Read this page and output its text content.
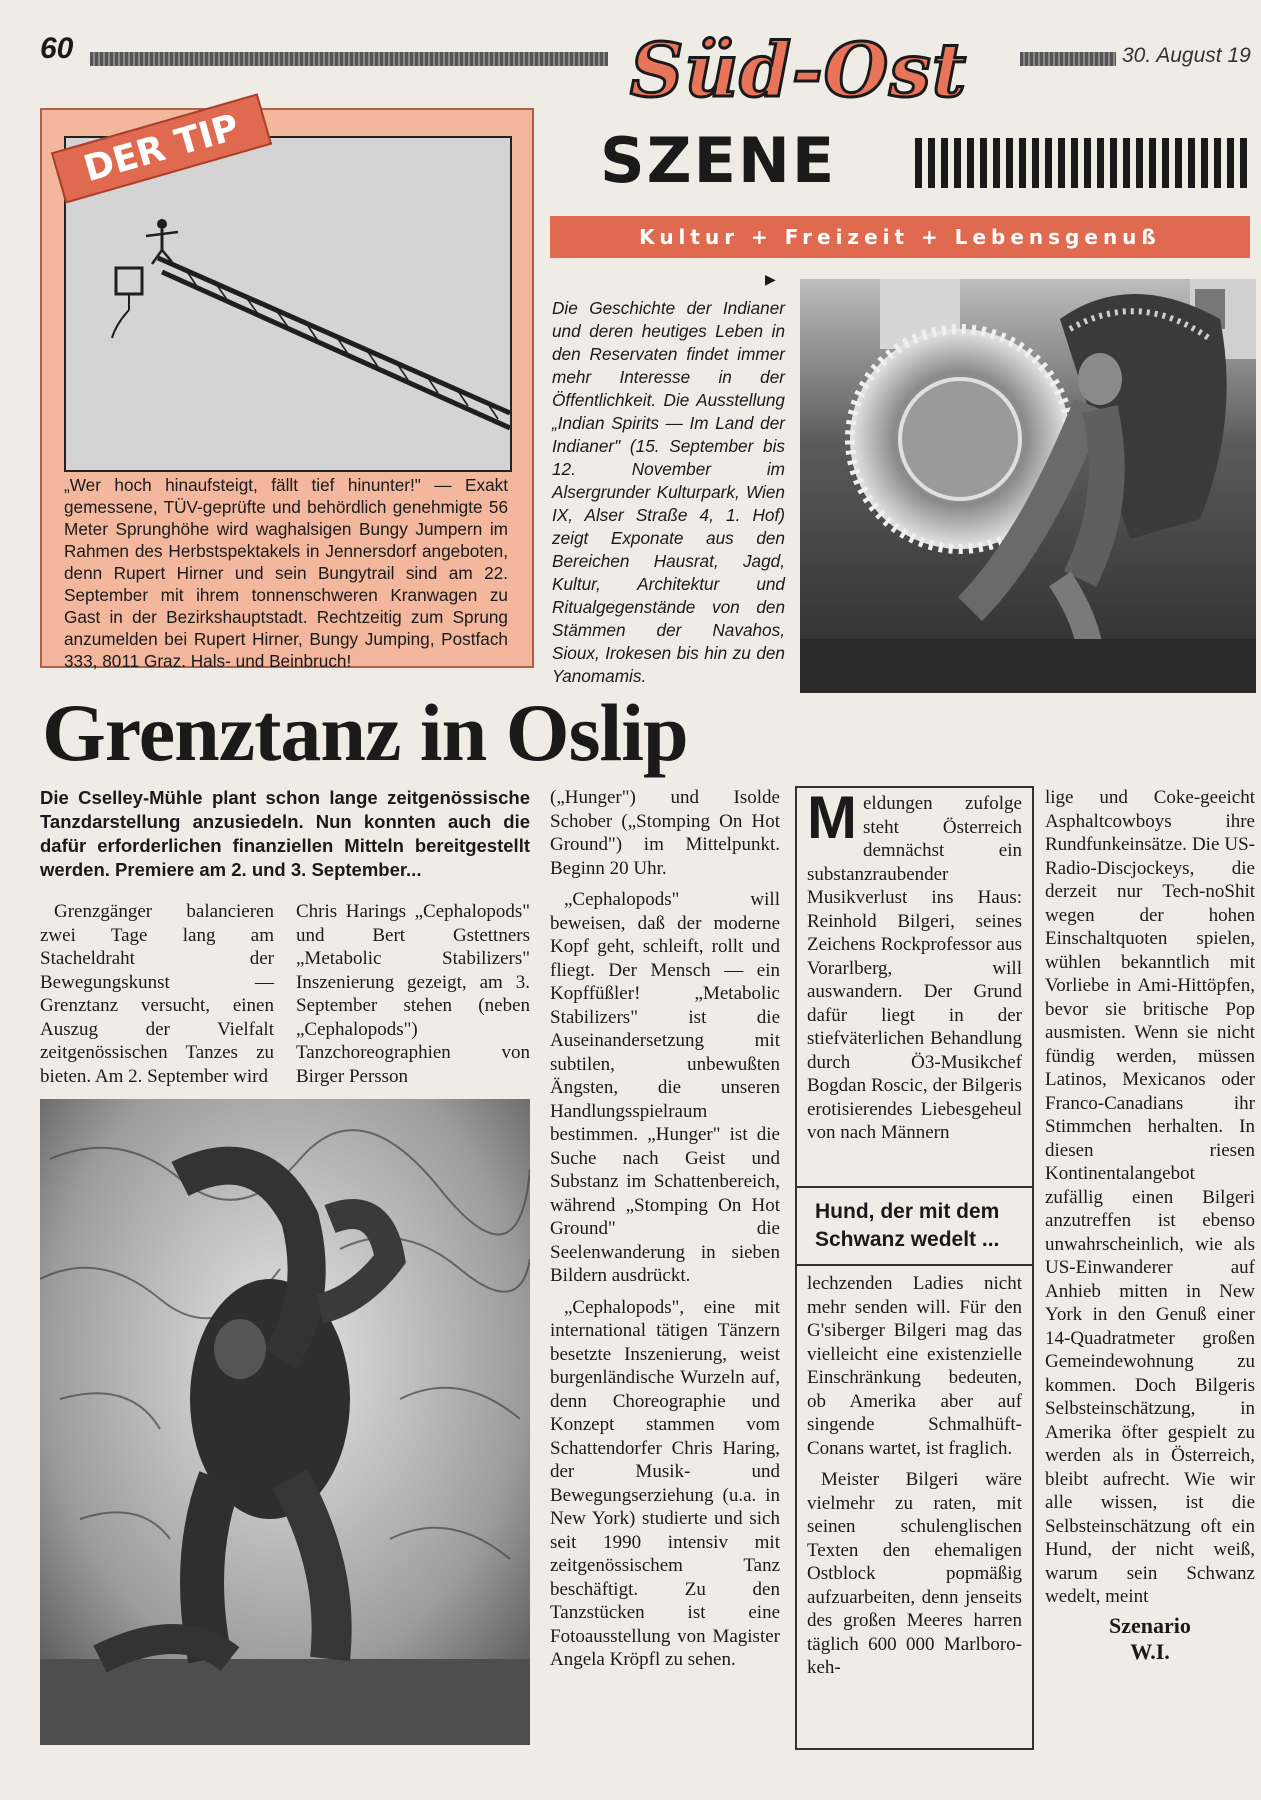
60	30. August 19
Süd-Ost
SZENE
Kultur + Freizeit + Lebensgenuß
DER TIP
„Wer hoch hinaufsteigt, fällt tief hinunter!" — Exakt gemessene, TÜV-geprüfte und behördlich genehmigte 56 Meter Sprunghöhe wird waghalsigen Bungy Jumpern im Rahmen des Herbstspektakels in Jennersdorf angeboten, denn Rupert Hirner und sein Bungytrail sind am 22. September mit ihrem tonnenschweren Kranwagen zu Gast in der Bezirkshauptstadt. Rechtzeitig zum Sprung anzumelden bei Rupert Hirner, Bungy Jumping, Postfach 333, 8011 Graz. Hals- und Beinbruch!
▶
Die Geschichte der Indianer und deren heutiges Leben in den Reservaten findet immer mehr Interesse in der Öffentlichkeit. Die Ausstellung „Indian Spirits — Im Land der Indianer" (15. September bis 12. November im Alsergrunder Kulturpark, Wien IX, Alser Straße 4, 1. Hof) zeigt Exponate aus den Bereichen Hausrat, Jagd, Kultur, Architektur und Ritualgegenstände von den Stämmen der Navahos, Sioux, Irokesen bis hin zu den Yanomamis.
Grenztanz in Oslip
Die Cselley-Mühle plant schon lange zeitgenössische Tanzdarstellung anzusiedeln. Nun konnten auch die dafür erforderlichen finanziellen Mitteln bereitgestellt werden. Premiere am 2. und 3. September...

Grenzgänger balancieren zwei Tage lang am Stacheldraht der Bewegungskunst — Grenztanz versucht, einen Auszug der Vielfalt zeitgenössischen Tanzes zu bieten. Am 2. September wird

Chris Harings „Cephalopods" und Bert Gstettners „Metabolic Stabilizers" Inszenierung gezeigt, am 3. September stehen (neben „Cephalopods") Tanzchoreographien von Birger Persson

(„Hunger") und Isolde Schober („Stomping On Hot Ground") im Mittelpunkt. Beginn 20 Uhr.

„Cephalopods" will beweisen, daß der moderne Kopf geht, schleift, rollt und fliegt. Der Mensch — ein Kopffüßler! „Metabolic Stabilizers" ist die Auseinandersetzung mit subtilen, unbewußten Ängsten, die unseren Handlungsspielraum bestimmen. „Hunger" ist die Suche nach Geist und Substanz im Schattenbereich, während „Stomping On Hot Ground" die Seelenwanderung in sieben Bildern ausdrückt.

„Cephalopods", eine mit international tätigen Tänzern besetzte Inszenierung, weist burgenländische Wurzeln auf, denn Choreographie und Konzept stammen vom Schattendorfer Chris Haring, der Musik- und Bewegungserziehung (u.a. in New York) studierte und sich seit 1990 intensiv mit zeitgenössischem Tanz beschäftigt. Zu den Tanzstücken ist eine Fotoausstellung von Magister Angela Kröpfl zu sehen.

M eldungen zufolge steht Österreich demnächst ein substanzraubender Musikverlust ins Haus: Reinhold Bilgeri, seines Zeichens Rockprofessor aus Vorarlberg, will auswandern. Der Grund dafür liegt in der stiefväterlichen Behandlung durch Ö3-Musikchef Bogdan Roscic, der Bilgeris erotisierendes Liebesgeheul von nach Männern
Hund, der mit dem Schwanz wedelt ...

lechzenden Ladies nicht mehr senden will. Für den G'siberger Bilgeri mag das vielleicht eine existenzielle Einschränkung bedeuten, ob Amerika aber auf singende Schmalhüft-Conans wartet, ist fraglich.

Meister Bilgeri wäre vielmehr zu raten, mit seinen schulenglischen Texten den ehemaligen Ostblock popmäßig aufzuarbeiten, denn jenseits des großen Meeres harren täglich 600 000 Marlboro-keh-

lige und Coke-geeicht Asphaltcowboys ihre Rundfunkeinsätze. Die US-Radio-Discjockeys, die derzeit nur Tech-noShit wegen der hohen Einschaltquoten spielen, wühlen bekanntlich mit Vorliebe in Ami-Hittöpfen, bevor sie britische Pop ausmisten. Wenn sie nicht fündig werden, müssen Latinos, Mexicanos oder Franco-Canadians ihr Stimmchen herhalten. In diesen riesen Kontinentalangebot zufällig einen Bilgeri anzutreffen ist ebenso unwahrscheinlich, wie als US-Einwanderer auf Anhieb mitten in New York in den Genuß einer 14-Quadratmeter großen Gemeindewohnung zu kommen. Doch Bilgeris Selbsteinschätzung, in Amerika öfter gespielt zu werden als in Österreich, bleibt aufrecht. Wie wir alle wissen, ist die Selbsteinschätzung oft ein Hund, der nicht weiß, warum sein Schwanz wedelt, meint

Szenario
W.I.
